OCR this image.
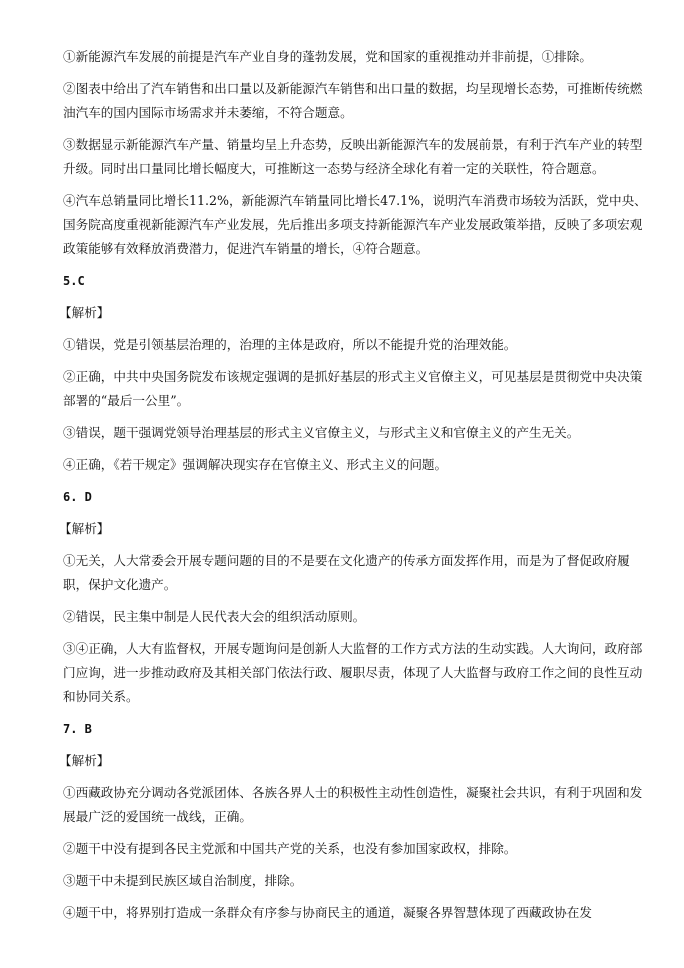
①新能源汽车发展的前提是汽车产业自身的蓬勃发展，党和国家的重视推动并非前提，①排除。

②图表中给出了汽车销售和出口量以及新能源汽车销售和出口量的数据，均呈现增长态势，可推断传统燃油汽车的国内国际市场需求并未萎缩，不符合题意。

③数据显示新能源汽车产量、销量均呈上升态势，反映出新能源汽车的发展前景，有利于汽车产业的转型升级。同时出口量同比增长幅度大，可推断这一态势与经济全球化有着一定的关联性，符合题意。

④汽车总销量同比增长11.2%，新能源汽车销量同比增长47.1%，说明汽车消费市场较为活跃，党中央、国务院高度重视新能源汽车产业发展，先后推出多项支持新能源汽车产业发展政策举措，反映了多项宏观政策能够有效释放消费潜力，促进汽车销量的增长，④符合题意。

5.C

【解析】

①错误，党是引领基层治理的，治理的主体是政府，所以不能提升党的治理效能。

②正确，中共中央国务院发布该规定强调的是抓好基层的形式主义官僚主义，可见基层是贯彻党中央决策部署的“最后一公里”。

③错误，题干强调党领导治理基层的形式主义官僚主义，与形式主义和官僚主义的产生无关。

④正确，《若干规定》强调解决现实存在官僚主义、形式主义的问题。

6. D

【解析】

①无关，人大常委会开展专题问题的目的不是要在文化遗产的传承方面发挥作用，而是为了督促政府履职，保护文化遗产。

②错误，民主集中制是人民代表大会的组织活动原则。

③④正确，人大有监督权，开展专题询问是创新人大监督的工作方式方法的生动实践。人大询问，政府部门应询，进一步推动政府及其相关部门依法行政、履职尽责，体现了人大监督与政府工作之间的良性互动和协同关系。

7. B

【解析】

①西藏政协充分调动各党派团体、各族各界人士的积极性主动性创造性，凝聚社会共识，有利于巩固和发展最广泛的爱国统一战线，正确。

②题干中没有提到各民主党派和中国共产党的关系，也没有参加国家政权，排除。

③题干中未提到民族区域自治制度，排除。

④题干中，将界别打造成一条群众有序参与协商民主的通道，凝聚各界智慧体现了西藏政协在发
